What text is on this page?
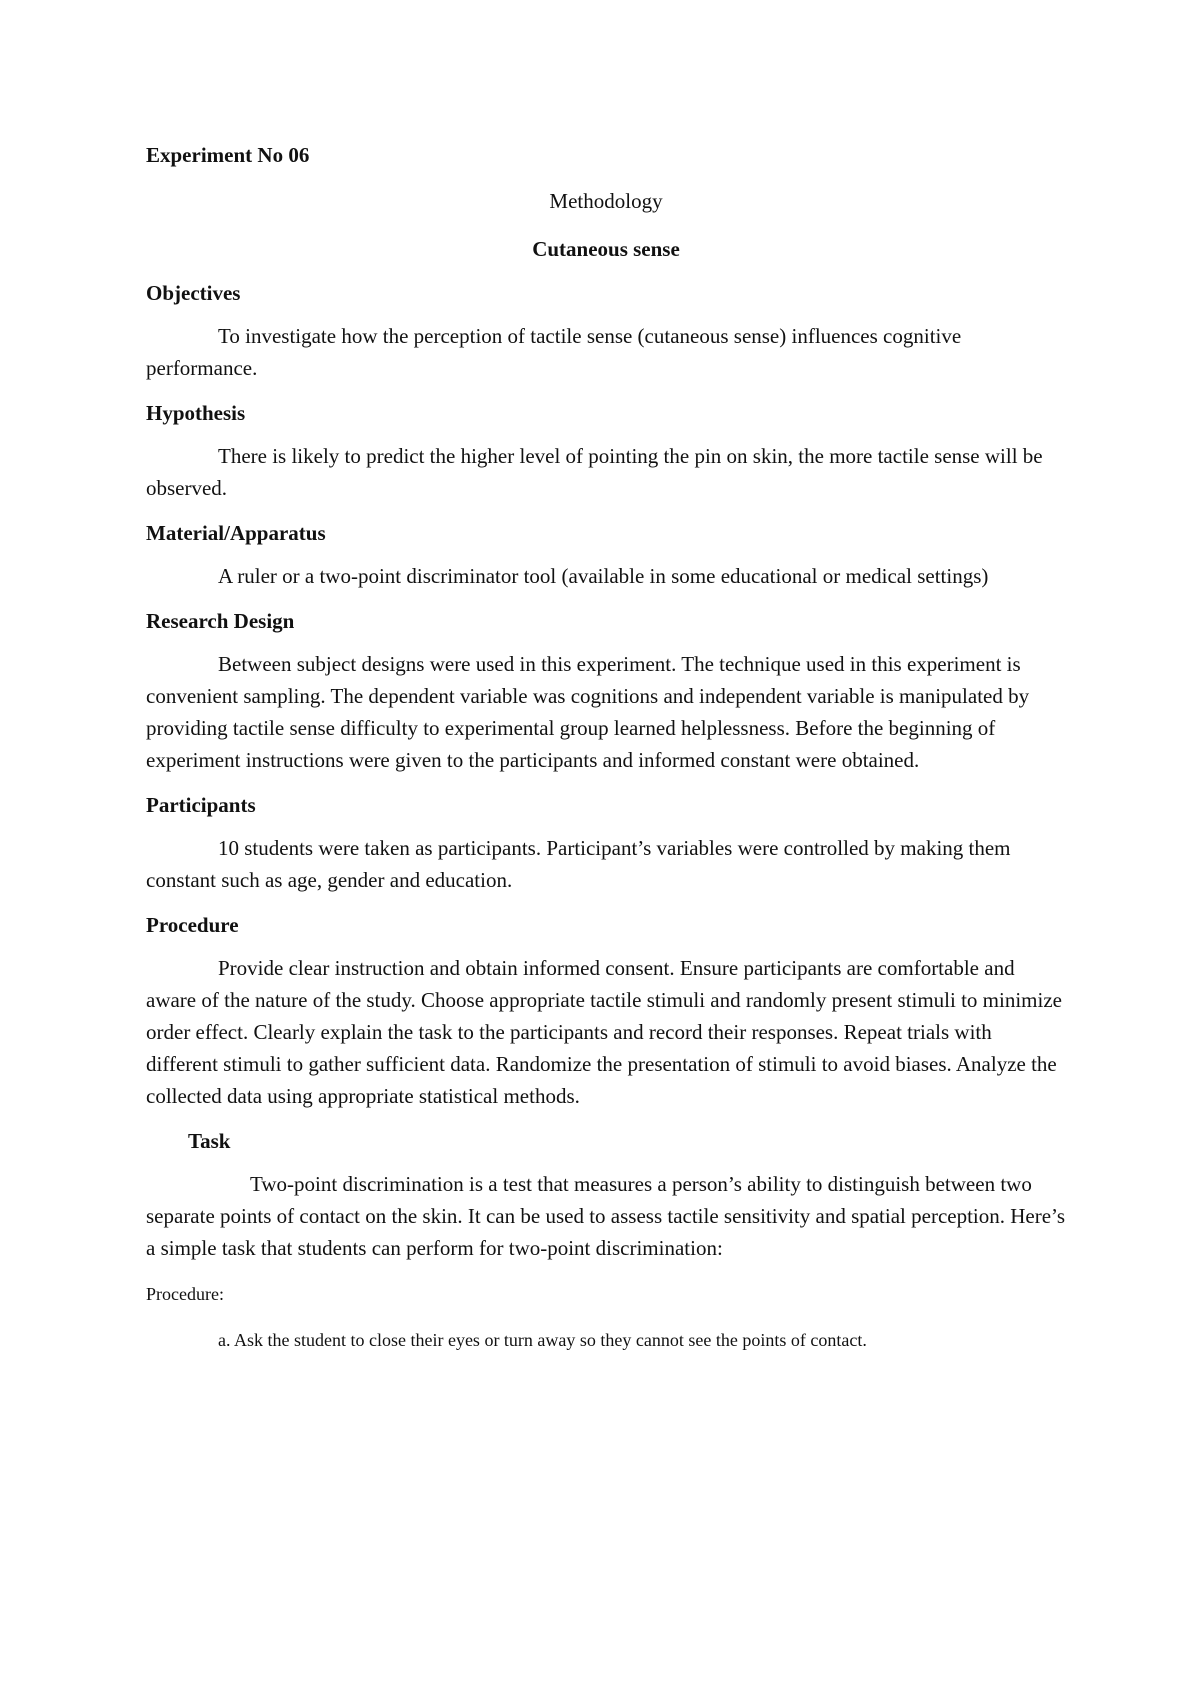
Experiment No 06

Methodology

Cutaneous sense

Objectives

To investigate how the perception of tactile sense (cutaneous sense) influences cognitive performance.

Hypothesis

There is likely to predict the higher level of pointing the pin on skin, the more tactile sense will be observed.

Material/Apparatus

A ruler or a two-point discriminator tool (available in some educational or medical settings)

Research Design

Between subject designs were used in this experiment. The technique used in this experiment is convenient sampling. The dependent variable was cognitions and independent variable is manipulated by providing tactile sense difficulty to experimental group learned helplessness. Before the beginning of experiment instructions were given to the participants and informed constant were obtained.

Participants

10 students were taken as participants. Participant’s variables were controlled by making them constant such as age, gender and education.

Procedure

Provide clear instruction and obtain informed consent. Ensure participants are comfortable and aware of the nature of the study. Choose appropriate tactile stimuli and randomly present stimuli to minimize order effect. Clearly explain the task to the participants and record their responses. Repeat trials with different stimuli to gather sufficient data. Randomize the presentation of stimuli to avoid biases. Analyze the collected data using appropriate statistical methods.

Task

Two-point discrimination is a test that measures a person’s ability to distinguish between two separate points of contact on the skin. It can be used to assess tactile sensitivity and spatial perception. Here’s a simple task that students can perform for two-point discrimination:

Procedure:

a. Ask the student to close their eyes or turn away so they cannot see the points of contact.
